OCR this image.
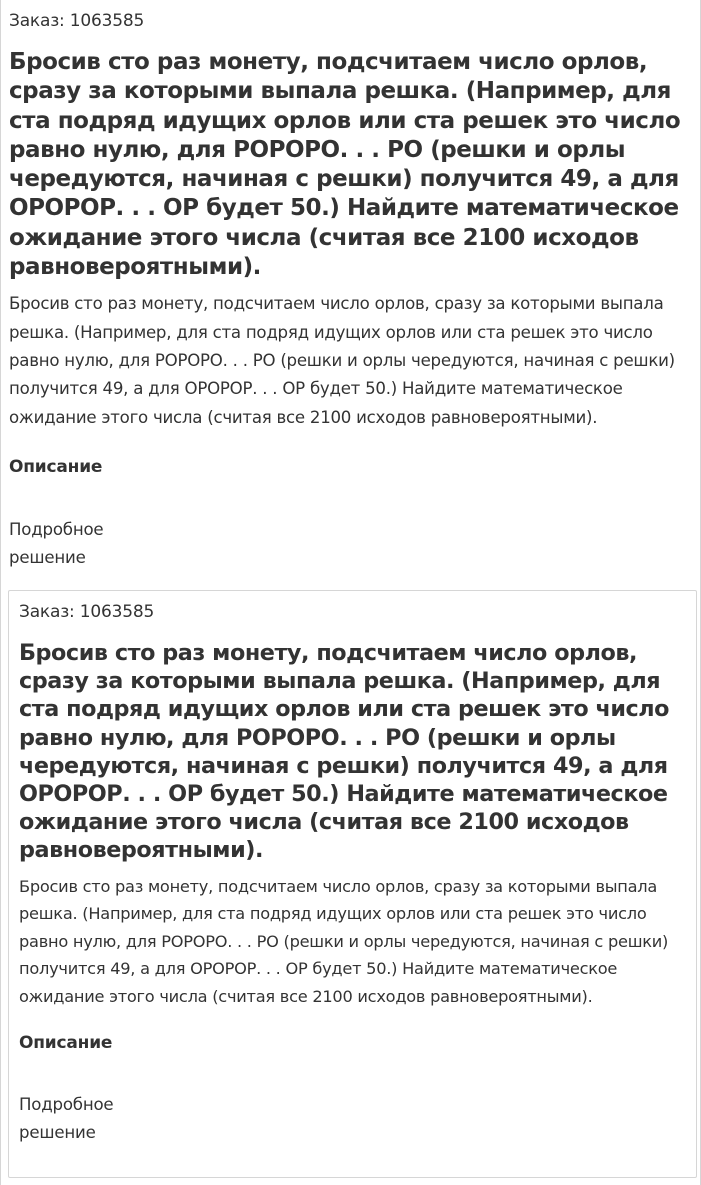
Заказ: 1063585
Бросив сто раз монету, подсчитаем число орлов, сразу за которыми выпала решка. (Например, для ста подряд идущих орлов или ста решек это число равно нулю, для РОРОРО. . . РО (решки и орлы чередуются, начиная с решки) получится 49, а для ОРОРОР. . . ОР будет 50.) Найдите математическое ожидание этого числа (считая все 2100 исходов равновероятными).

Бросив сто раз монету, подсчитаем число орлов, сразу за которыми выпала решка. (Например, для ста подряд идущих орлов или ста решек это число равно нулю, для РОРОРО. . . РО (решки и орлы чередуются, начиная с решки) получится 49, а для ОРОРОР. . . ОР будет 50.) Найдите математическое ожидание этого числа (считая все 2100 исходов равновероятными).

Описание
Подробное решение
Заказ: 1063585
Бросив сто раз монету, подсчитаем число орлов, сразу за которыми выпала решка. (Например, для ста подряд идущих орлов или ста решек это число равно нулю, для РОРОРО. . . РО (решки и орлы чередуются, начиная с решки) получится 49, а для ОРОРОР. . . ОР будет 50.) Найдите математическое ожидание этого числа (считая все 2100 исходов равновероятными).

Бросив сто раз монету, подсчитаем число орлов, сразу за которыми выпала решка. (Например, для ста подряд идущих орлов или ста решек это число равно нулю, для РОРОРО. . . РО (решки и орлы чередуются, начиная с решки) получится 49, а для ОРОРОР. . . ОР будет 50.) Найдите математическое ожидание этого числа (считая все 2100 исходов равновероятными).

Описание
Подробное решение
